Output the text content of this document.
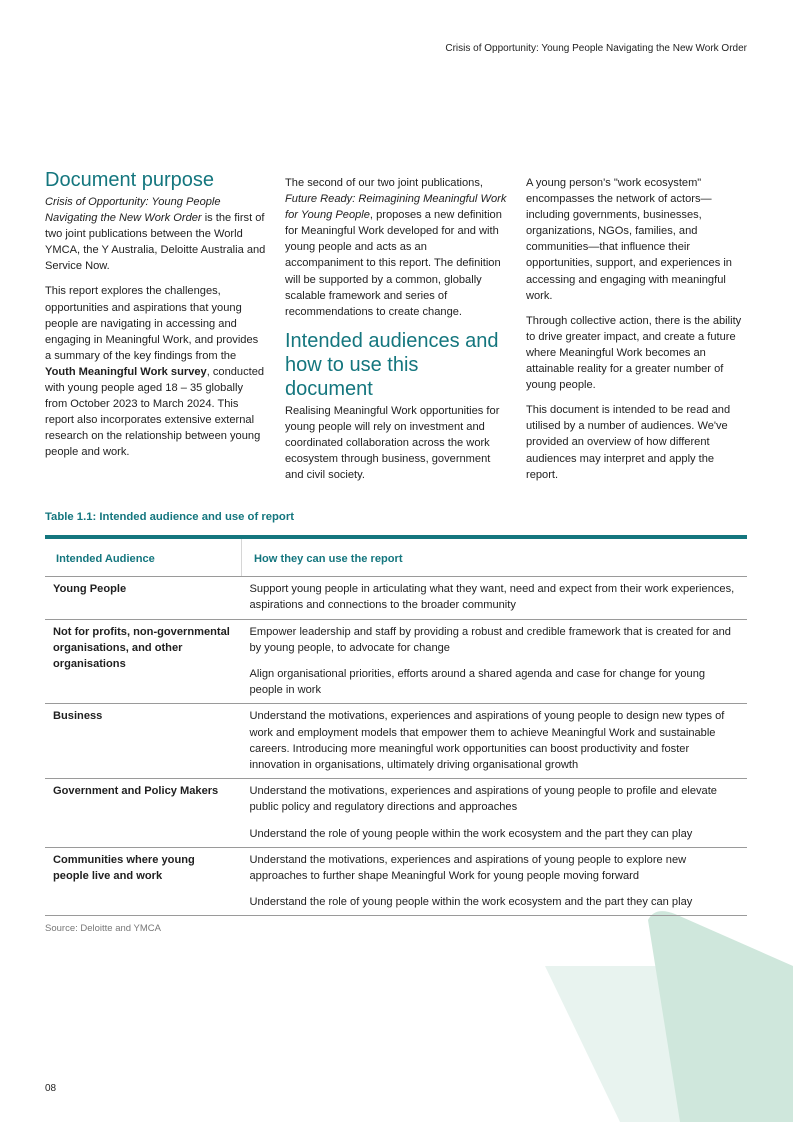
Crisis of Opportunity: Young People Navigating the New Work Order
Document purpose

Crisis of Opportunity: Young People Navigating the New Work Order is the first of two joint publications between the World YMCA, the Y Australia, Deloitte Australia and Service Now.

This report explores the challenges, opportunities and aspirations that young people are navigating in accessing and engaging in Meaningful Work, and provides a summary of the key findings from the Youth Meaningful Work survey, conducted with young people aged 18 – 35 globally from October 2023 to March 2024. This report also incorporates extensive external research on the relationship between young people and work.

The second of our two joint publications, Future Ready: Reimagining Meaningful Work for Young People, proposes a new definition for Meaningful Work developed for and with young people and acts as an accompaniment to this report. The definition will be supported by a common, globally scalable framework and series of recommendations to create change.

Intended audiences and how to use this document

Realising Meaningful Work opportunities for young people will rely on investment and coordinated collaboration across the work ecosystem through business, government and civil society.

A young person's "work ecosystem" encompasses the network of actors—including governments, businesses, organizations, NGOs, families, and communities—that influence their opportunities, support, and experiences in accessing and engaging with meaningful work.

Through collective action, there is the ability to drive greater impact, and create a future where Meaningful Work becomes an attainable reality for a greater number of young people.

This document is intended to be read and utilised by a number of audiences. We've provided an overview of how different audiences may interpret and apply the report.

Table 1.1: Intended audience and use of report
Intended Audience	How they can use the report
Young People	Support young people in articulating what they want, need and expect from their work experiences, aspirations and connections to the broader community

Not for profits, non-governmental organisations, and other organisations	Empower leadership and staff by providing a robust and credible framework that is created for and by young people, to advocate for change

Align organisational priorities, efforts around a shared agenda and case for change for young people in work

Business	Understand the motivations, experiences and aspirations of young people to design new types of work and employment models that empower them to achieve Meaningful Work and sustainable careers. Introducing more meaningful work opportunities can boost productivity and foster innovation in organisations, ultimately driving organisational growth

Government and Policy Makers	Understand the motivations, experiences and aspirations of young people to profile and elevate public policy and regulatory directions and approaches

Understand the role of young people within the work ecosystem and the part they can play

Communities where young people live and work	Understand the motivations, experiences and aspirations of young people to explore new approaches to further shape Meaningful Work for young people moving forward

Understand the role of young people within the work ecosystem and the part they can play

Source: Deloitte and YMCA
08
